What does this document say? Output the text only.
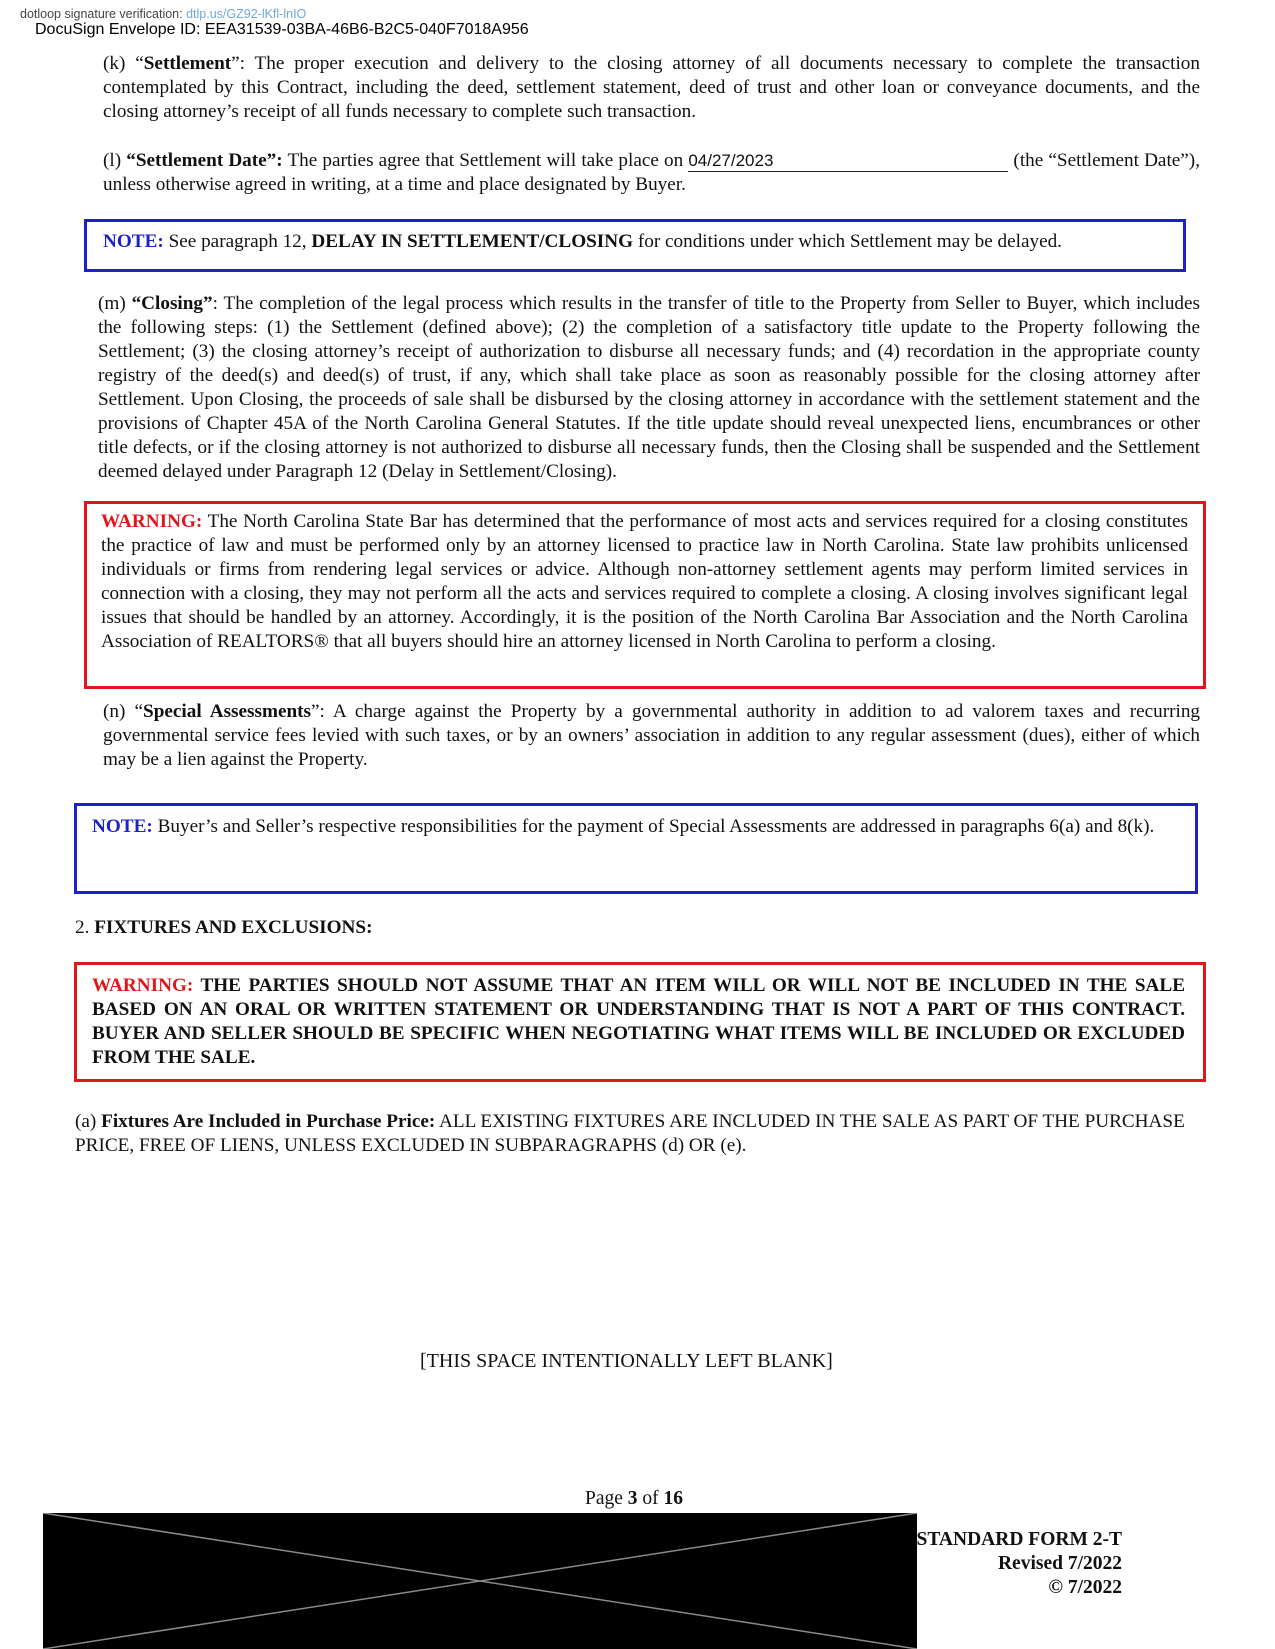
dotloop signature verification: dtlp.us/GZ92-lKfl-lnIO
DocuSign Envelope ID: EEA31539-03BA-46B6-B2C5-040F7018A956
(k) “Settlement”: The proper execution and delivery to the closing attorney of all documents necessary to complete the transaction contemplated by this Contract, including the deed, settlement statement, deed of trust and other loan or conveyance documents, and the closing attorney’s receipt of all funds necessary to complete such transaction.
(l) “Settlement Date”: The parties agree that Settlement will take place on 04/27/2023	(the “Settlement Date”), unless otherwise agreed in writing, at a time and place designated by Buyer.
NOTE: See paragraph 12, DELAY IN SETTLEMENT/CLOSING for conditions under which Settlement may be delayed.
(m) “Closing”: The completion of the legal process which results in the transfer of title to the Property from Seller to Buyer, which includes the following steps: (1) the Settlement (defined above); (2) the completion of a satisfactory title update to the Property following the Settlement; (3) the closing attorney’s receipt of authorization to disburse all necessary funds; and (4) recordation in the appropriate county registry of the deed(s) and deed(s) of trust, if any, which shall take place as soon as reasonably possible for the closing attorney after Settlement. Upon Closing, the proceeds of sale shall be disbursed by the closing attorney in accordance with the settlement statement and the provisions of Chapter 45A of the North Carolina General Statutes. If the title update should reveal unexpected liens, encumbrances or other title defects, or if the closing attorney is not authorized to disburse all necessary funds, then the Closing shall be suspended and the Settlement deemed delayed under Paragraph 12 (Delay in Settlement/Closing).
WARNING: The North Carolina State Bar has determined that the performance of most acts and services required for a closing constitutes the practice of law and must be performed only by an attorney licensed to practice law in North Carolina. State law prohibits unlicensed individuals or firms from rendering legal services or advice. Although non-attorney settlement agents may perform limited services in connection with a closing, they may not perform all the acts and services required to complete a closing. A closing involves significant legal issues that should be handled by an attorney. Accordingly, it is the position of the North Carolina Bar Association and the North Carolina Association of REALTORS® that all buyers should hire an attorney licensed in North Carolina to perform a closing.
(n) “Special Assessments”: A charge against the Property by a governmental authority in addition to ad valorem taxes and recurring governmental service fees levied with such taxes, or by an owners’ association in addition to any regular assessment (dues), either of which may be a lien against the Property.
NOTE: Buyer’s and Seller’s respective responsibilities for the payment of Special Assessments are addressed in paragraphs 6(a) and 8(k).
2. FIXTURES AND EXCLUSIONS:
WARNING: THE PARTIES SHOULD NOT ASSUME THAT AN ITEM WILL OR WILL NOT BE INCLUDED IN THE SALE BASED ON AN ORAL OR WRITTEN STATEMENT OR UNDERSTANDING THAT IS NOT A PART OF THIS CONTRACT. BUYER AND SELLER SHOULD BE SPECIFIC WHEN NEGOTIATING WHAT ITEMS WILL BE INCLUDED OR EXCLUDED FROM THE SALE.
(a) Fixtures Are Included in Purchase Price: ALL EXISTING FIXTURES ARE INCLUDED IN THE SALE AS PART OF THE PURCHASE PRICE, FREE OF LIENS, UNLESS EXCLUDED IN SUBPARAGRAPHS (d) OR (e).
[THIS SPACE INTENTIONALLY LEFT BLANK]
Page 3 of 16
STANDARD FORM 2-T
Revised 7/2022
© 7/2022
